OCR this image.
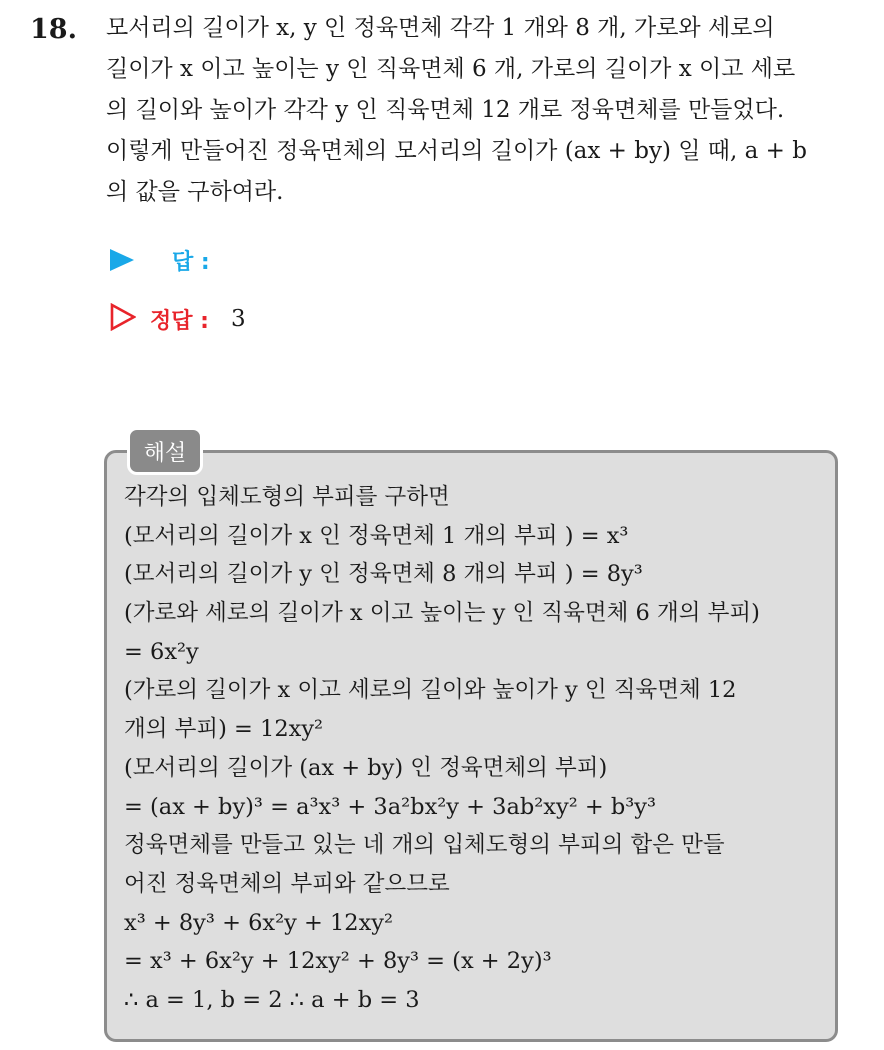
18. 모서리의 길이가 x, y 인 정육면체 각각 1 개와 8 개, 가로와 세로의
길이가 x 이고 높이는 y 인 직육면체 6 개, 가로의 길이가 x 이고 세로
의 길이와 높이가 각각 y 인 직육면체 12 개로 정육면체를 만들었다.
이렇게 만들어진 정육면체의 모서리의 길이가 (ax + by) 일 때, a + b
의 값을 구하여라.
답 :
정답 : 3
해설
각각의 입체도형의 부피를 구하면
(모서리의 길이가 x 인 정육면체 1 개의 부피 ) = x³
(모서리의 길이가 y 인 정육면체 8 개의 부피 ) = 8y³
(가로와 세로의 길이가 x 이고 높이는 y 인 직육면체 6 개의 부피)
= 6x²y
(가로의 길이가 x 이고 세로의 길이와 높이가 y 인 직육면체 12
개의 부피) = 12xy²
(모서리의 길이가 (ax + by) 인 정육면체의 부피)
= (ax + by)³ = a³x³ + 3a²bx²y + 3ab²xy² + b³y³
정육면체를 만들고 있는 네 개의 입체도형의 부피의 합은 만들
어진 정육면체의 부피와 같으므로
x³ + 8y³ + 6x²y + 12xy²
= x³ + 6x²y + 12xy² + 8y³ = (x + 2y)³
∴ a = 1, b = 2 ∴ a + b = 3
